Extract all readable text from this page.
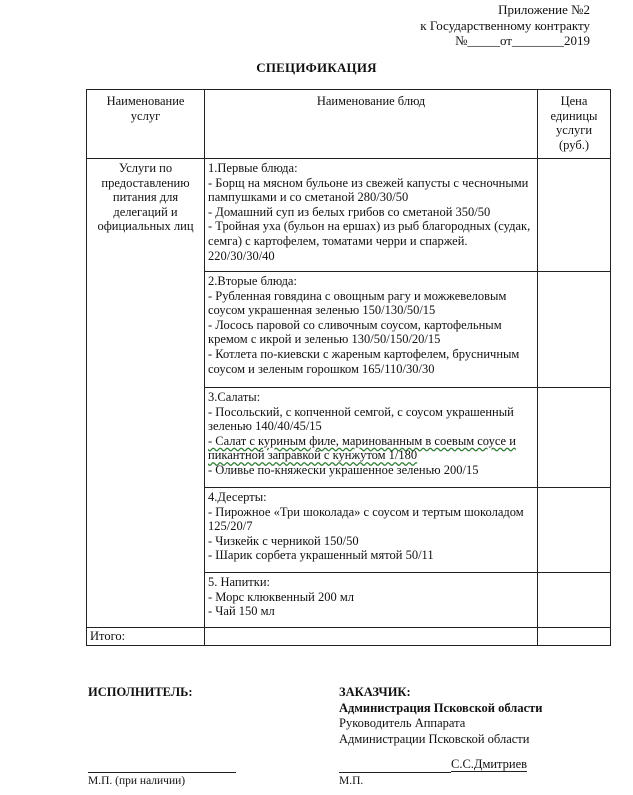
Приложение №2
к Государственному контракту
№_____от________2019
СПЕЦИФИКАЦИЯ
Наименование услуг	Наименование блюд	Цена единицы услуги (руб.)
Услуги по предоставлению питания для делегаций и официальных лиц	1.Первые блюда:
- Борщ на мясном бульоне из свежей капусты с чесночными пампушками и со сметаной 280/30/50
- Домашний суп из белых грибов со сметаной 350/50
- Тройная уха (бульон на ершах) из рыб благородных (судак, семга) с картофелем, томатами черри и спаржей. 220/30/30/40	

	2.Вторые блюда:
- Рубленная говядина с овощным рагу и можжевеловым соусом украшенная зеленью 150/130/50/15
- Лосось паровой со сливочным соусом, картофельным кремом с икрой и зеленью 130/50/150/20/15
- Котлета по-киевски с жареным картофелем, брусничным соусом и зеленым горошком 165/110/30/30	

	3.Салаты:
- Посольский, с копченной семгой, с соусом украшенный зеленью 140/40/45/15
- Салат с куриным филе, маринованным в соевым соусе и пикантной заправкой с кунжутом 1/180
- Оливье по-княжески украшенное зеленью 200/15	

	4.Десерты:
- Пирожное «Три шоколада» с соусом и тертым шоколадом 125/20/7
- Чизкейк с черникой 150/50
- Шарик сорбета украшенный мятой 50/11	

	5. Напитки:
- Морс клюквенный 200 мл
- Чай 150 мл	

Итого:		
ИСПОЛНИТЕЛЬ:	ЗАКАЗЧИК:
Администрация Псковской области
Руководитель Аппарата
Администрации Псковской области
С.С.Дмитриев
М.П. (при наличии)	М.П.
